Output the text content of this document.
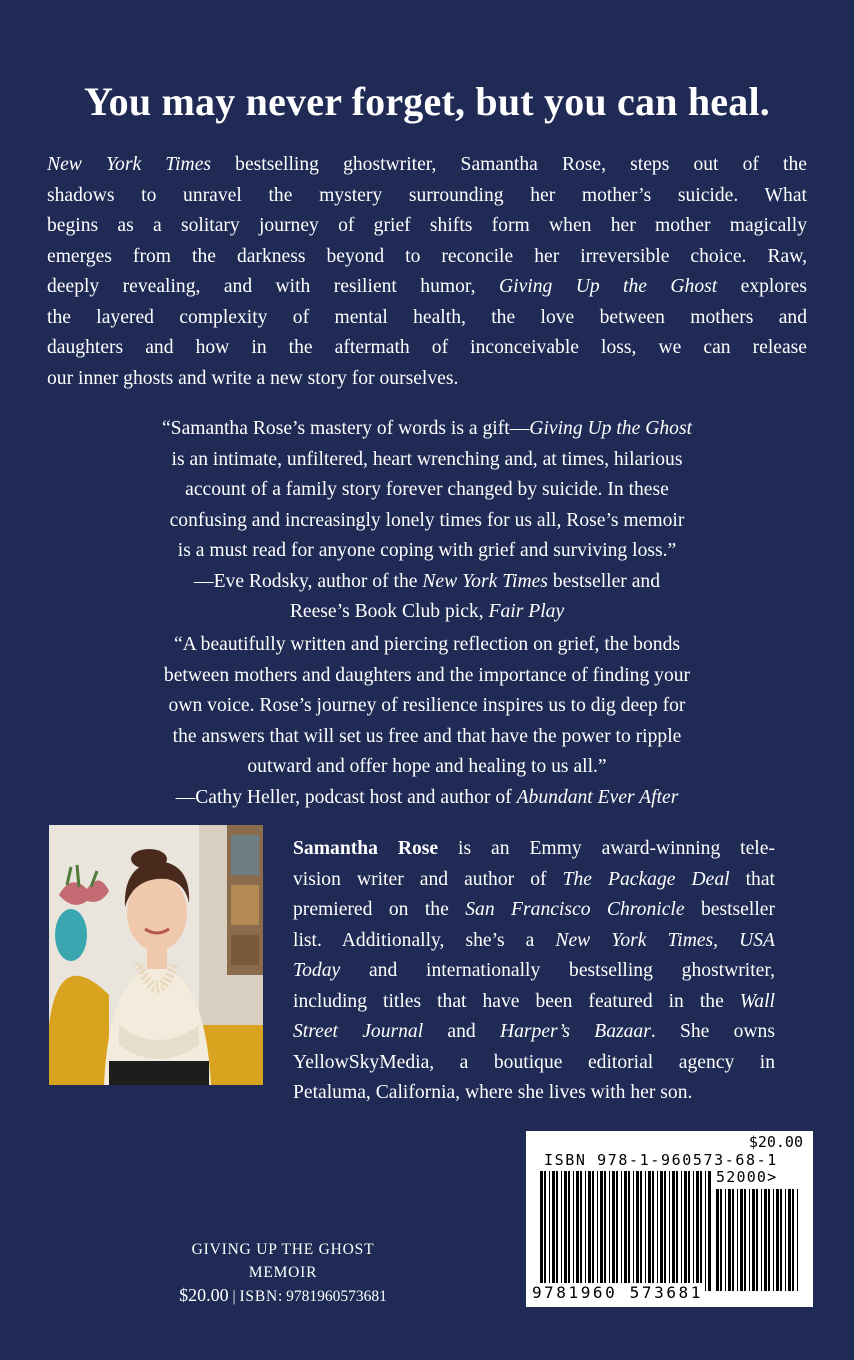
You may never forget, but you can heal.

New York Times bestselling ghostwriter, Samantha Rose, steps out of the
shadows to unravel the mystery surrounding her mother’s suicide. What
begins as a solitary journey of grief shifts form when her mother magically
emerges from the darkness beyond to reconcile her irreversible choice. Raw,
deeply revealing, and with resilient humor, Giving Up the Ghost explores
the layered complexity of mental health, the love between mothers and
daughters and how in the aftermath of inconceivable loss, we can release
our inner ghosts and write a new story for ourselves.

“Samantha Rose’s mastery of words is a gift—Giving Up the Ghost
is an intimate, unfiltered, heart wrenching and, at times, hilarious
account of a family story forever changed by suicide. In these
confusing and increasingly lonely times for us all, Rose’s memoir
is a must read for anyone coping with grief and surviving loss.”
—Eve Rodsky, author of the New York Times bestseller and
Reese’s Book Club pick, Fair Play

“A beautifully written and piercing reflection on grief, the bonds
between mothers and daughters and the importance of finding your
own voice. Rose’s journey of resilience inspires us to dig deep for
the answers that will set us free and that have the power to ripple
outward and offer hope and healing to us all.”
—Cathy Heller, podcast host and author of Abundant Ever After

Samantha Rose is an Emmy award-winning tele-
vision writer and author of The Package Deal that
premiered on the San Francisco Chronicle bestseller
list. Additionally, she’s a New York Times, USA
Today and internationally bestselling ghostwriter,
including titles that have been featured in the Wall
Street Journal and Harper’s Bazaar. She owns
YellowSkyMedia, a boutique editorial agency in
Petaluma, California, where she lives with her son.

GIVING UP THE GHOST
MEMOIR
$20.00 | ISBN: 9781960573681
$20.00
ISBN 978-1-960573-68-1
52000>
9 781960 573681
